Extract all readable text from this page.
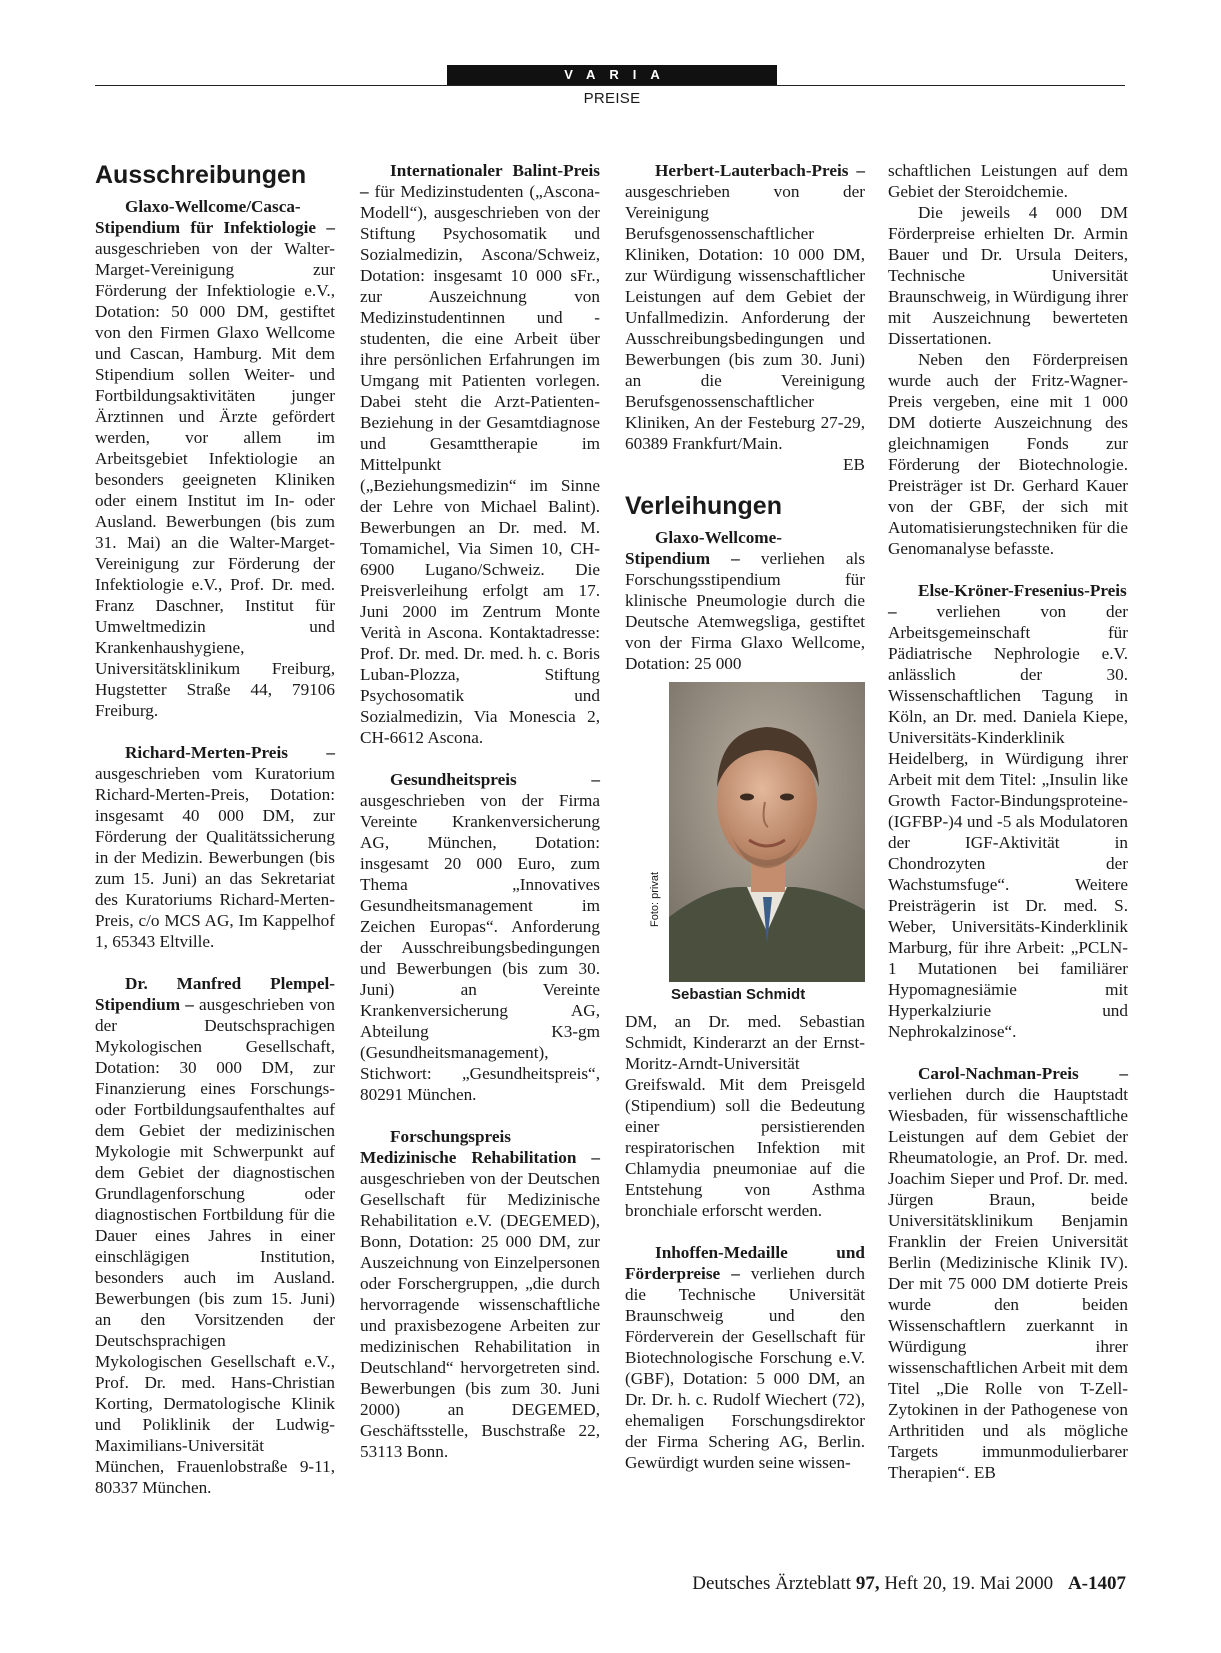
VARIA
PREISE
Ausschreibungen

Glaxo-Wellcome/Casca-Stipendium für Infektiologie – ausgeschrieben von der Walter-Marget-Vereinigung zur Förderung der Infektiologie e.V., Dotation: 50 000 DM, gestiftet von den Firmen Glaxo Wellcome und Cascan, Hamburg. Mit dem Stipendium sollen Weiter- und Fortbildungsaktivitäten junger Ärztinnen und Ärzte gefördert werden, vor allem im Arbeitsgebiet Infektiologie an besonders geeigneten Kliniken oder einem Institut im In- oder Ausland. Bewerbungen (bis zum 31. Mai) an die Walter-Marget-Vereinigung zur Förderung der Infektiologie e.V., Prof. Dr. med. Franz Daschner, Institut für Umweltmedizin und Krankenhaushygiene, Universitätsklinikum Freiburg, Hugstetter Straße 44, 79106 Freiburg.

Richard-Merten-Preis – ausgeschrieben vom Kuratorium Richard-Merten-Preis, Dotation: insgesamt 40 000 DM, zur Förderung der Qualitätssicherung in der Medizin. Bewerbungen (bis zum 15. Juni) an das Sekretariat des Kuratoriums Richard-Merten-Preis, c/o MCS AG, Im Kappelhof 1, 65343 Eltville.

Dr. Manfred Plempel-Stipendium – ausgeschrieben von der Deutschsprachigen Mykologischen Gesellschaft, Dotation: 30 000 DM, zur Finanzierung eines Forschungs- oder Fortbildungsaufenthaltes auf dem Gebiet der medizinischen Mykologie mit Schwerpunkt auf dem Gebiet der diagnostischen Grundlagenforschung oder diagnostischen Fortbildung für die Dauer eines Jahres in einer einschlägigen Institution, besonders auch im Ausland. Bewerbungen (bis zum 15. Juni) an den Vorsitzenden der Deutschsprachigen Mykologischen Gesellschaft e.V., Prof. Dr. med. Hans-Christian Korting, Dermatologische Klinik und Poliklinik der Ludwig-Maximilians-Universität München, Frauenlobstraße 9-11, 80337 München.

Internationaler Balint-Preis – für Medizinstudenten („Ascona-Modell“), ausgeschrieben von der Stiftung Psychosomatik und Sozialmedizin, Ascona/Schweiz, Dotation: insgesamt 10 000 sFr., zur Auszeichnung von Medizinstudentinnen und -studenten, die eine Arbeit über ihre persönlichen Erfahrungen im Umgang mit Patienten vorlegen. Dabei steht die Arzt-Patienten-Beziehung in der Gesamtdiagnose und Gesamttherapie im Mittelpunkt („Beziehungsmedizin“ im Sinne der Lehre von Michael Balint). Bewerbungen an Dr. med. M. Tomamichel, Via Simen 10, CH-6900 Lugano/Schweiz. Die Preisverleihung erfolgt am 17. Juni 2000 im Zentrum Monte Verità in Ascona. Kontaktadresse: Prof. Dr. med. Dr. med. h. c. Boris Luban-Plozza, Stiftung Psychosomatik und Sozialmedizin, Via Monescia 2, CH-6612 Ascona.

Gesundheitspreis – ausgeschrieben von der Firma Vereinte Krankenversicherung AG, München, Dotation: insgesamt 20 000 Euro, zum Thema „Innovatives Gesundheitsmanagement im Zeichen Europas“. Anforderung der Ausschreibungsbedingungen und Bewerbungen (bis zum 30. Juni) an Vereinte Krankenversicherung AG, Abteilung K3-gm (Gesundheitsmanagement), Stichwort: „Gesundheitspreis“, 80291 München.

Forschungspreis Medizinische Rehabilitation – ausgeschrieben von der Deutschen Gesellschaft für Medizinische Rehabilitation e.V. (DEGEMED), Bonn, Dotation: 25 000 DM, zur Auszeichnung von Einzelpersonen oder Forschergruppen, „die durch hervorragende wissenschaftliche und praxisbezogene Arbeiten zur medizinischen Rehabilitation in Deutschland“ hervorgetreten sind. Bewerbungen (bis zum 30. Juni 2000) an DEGEMED, Geschäftsstelle, Buschstraße 22, 53113 Bonn.

Herbert-Lauterbach-Preis – ausgeschrieben von der Vereinigung Berufsgenossenschaftlicher Kliniken, Dotation: 10 000 DM, zur Würdigung wissenschaftlicher Leistungen auf dem Gebiet der Unfallmedizin. Anforderung der Ausschreibungsbedingungen und Bewerbungen (bis zum 30. Juni) an die Vereinigung Berufsgenossenschaftlicher Kliniken, An der Festeburg 27-29, 60389 Frankfurt/Main.
EB

Verleihungen

Glaxo-Wellcome-Stipendium – verliehen als Forschungsstipendium für klinische Pneumologie durch die Deutsche Atemwegsliga, gestiftet von der Firma Glaxo Wellcome, Dotation: 25 000

Foto: privat
Sebastian Schmidt

DM, an Dr. med. Sebastian Schmidt, Kinderarzt an der Ernst-Moritz-Arndt-Universität Greifswald. Mit dem Preisgeld (Stipendium) soll die Bedeutung einer persistierenden respiratorischen Infektion mit Chlamydia pneumoniae auf die Entstehung von Asthma bronchiale erforscht werden.

Inhoffen-Medaille und Förderpreise – verliehen durch die Technische Universität Braunschweig und den Förderverein der Gesellschaft für Biotechnologische Forschung e.V. (GBF), Dotation: 5 000 DM, an Dr. Dr. h. c. Rudolf Wiechert (72), ehemaligen Forschungsdirektor der Firma Schering AG, Berlin. Gewürdigt wurden seine wissen-

schaftlichen Leistungen auf dem Gebiet der Steroidchemie.

Die jeweils 4 000 DM Förderpreise erhielten Dr. Armin Bauer und Dr. Ursula Deiters, Technische Universität Braunschweig, in Würdigung ihrer mit Auszeichnung bewerteten Dissertationen.

Neben den Förderpreisen wurde auch der Fritz-Wagner-Preis vergeben, eine mit 1 000 DM dotierte Auszeichnung des gleichnamigen Fonds zur Förderung der Biotechnologie. Preisträger ist Dr. Gerhard Kauer von der GBF, der sich mit Automatisierungstechniken für die Genomanalyse befasste.

Else-Kröner-Fresenius-Preis – verliehen von der Arbeitsgemeinschaft für Pädiatrische Nephrologie e.V. anlässlich der 30. Wissenschaftlichen Tagung in Köln, an Dr. med. Daniela Kiepe, Universitäts-Kinderklinik Heidelberg, in Würdigung ihrer Arbeit mit dem Titel: „Insulin like Growth Factor-Bindungsproteine-(IGFBP-)4 und -5 als Modulatoren der IGF-Aktivität in Chondrozyten der Wachstumsfuge“. Weitere Preisträgerin ist Dr. med. S. Weber, Universitäts-Kinderklinik Marburg, für ihre Arbeit: „PCLN-1 Mutationen bei familiärer Hypomagnesiämie mit Hyperkalziurie und Nephrokalzinose“.

Carol-Nachman-Preis – verliehen durch die Hauptstadt Wiesbaden, für wissenschaftliche Leistungen auf dem Gebiet der Rheumatologie, an Prof. Dr. med. Joachim Sieper und Prof. Dr. med. Jürgen Braun, beide Universitätsklinikum Benjamin Franklin der Freien Universität Berlin (Medizinische Klinik IV). Der mit 75 000 DM dotierte Preis wurde den beiden Wissenschaftlern zuerkannt in Würdigung ihrer wissenschaftlichen Arbeit mit dem Titel „Die Rolle von T-Zell-Zytokinen in der Pathogenese von Arthritiden und als mögliche Targets immunmodulierbarer Therapien“. EB

Deutsches Ärzteblatt 97, Heft 20, 19. Mai 2000 A-1407
